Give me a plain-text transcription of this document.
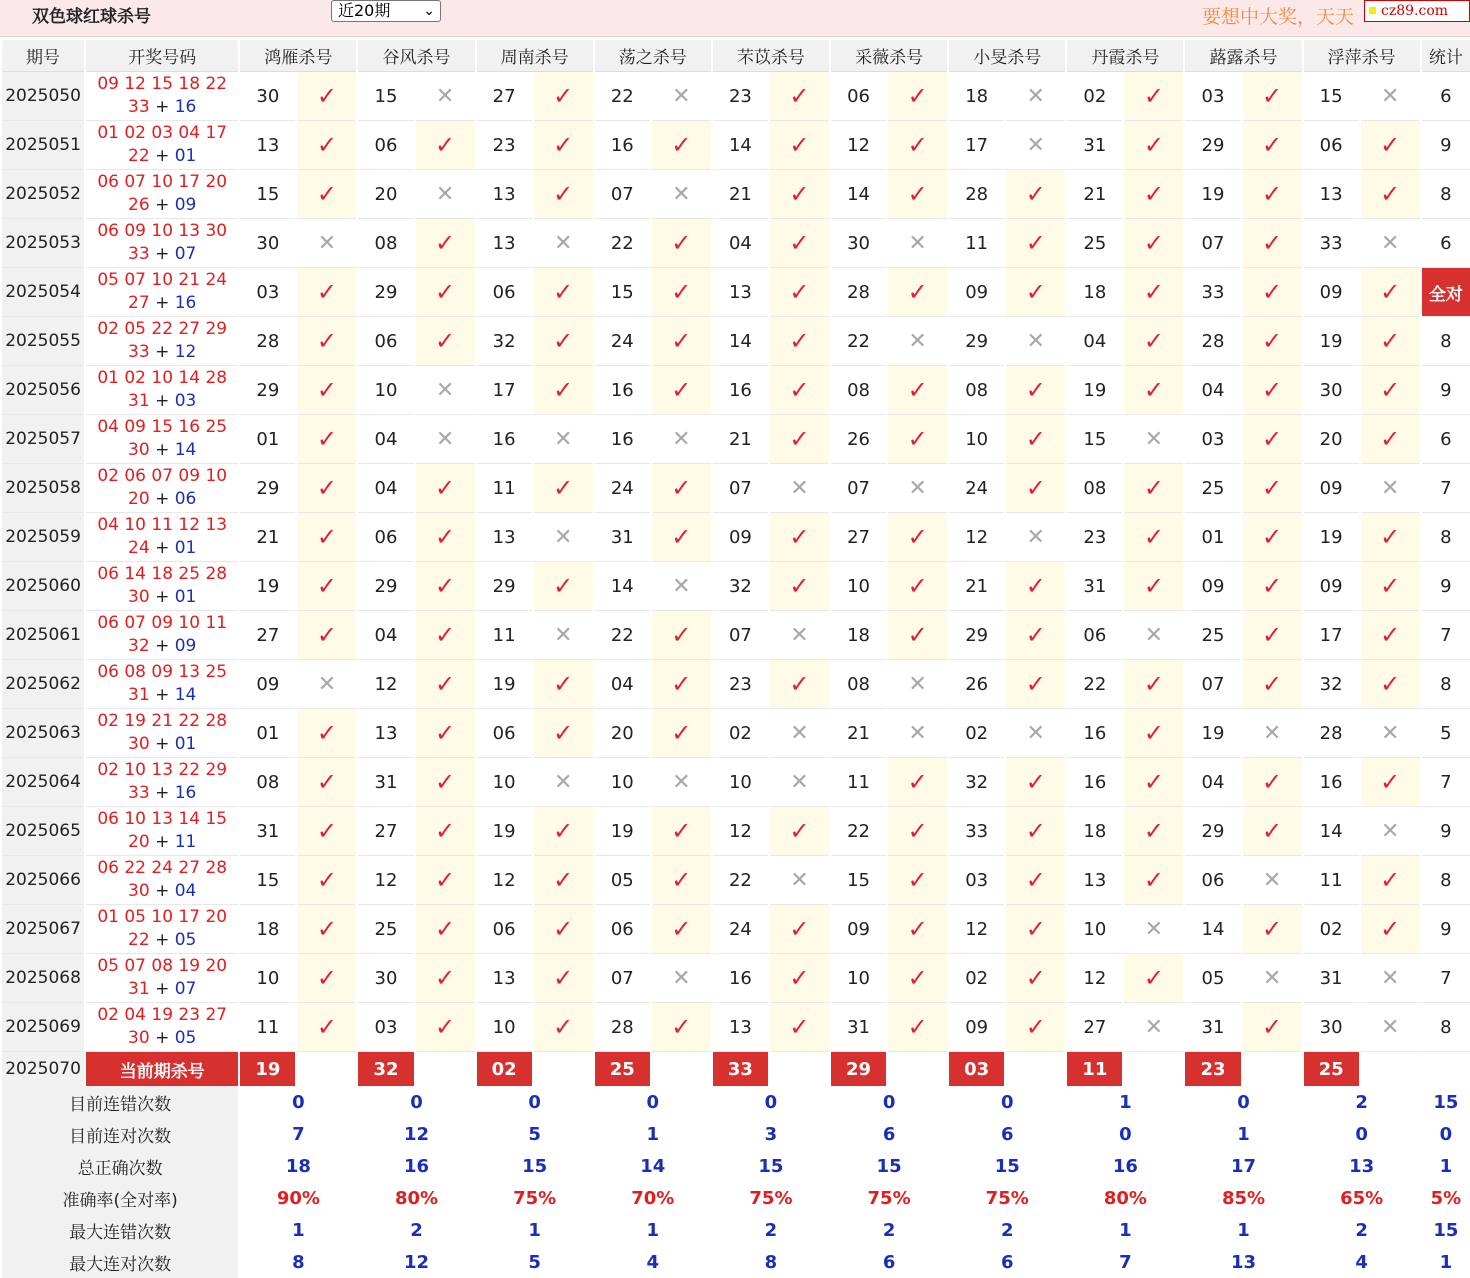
双色球红球杀号	近20期 ⌄	要想中大奖，天天	cz89.com
期号	开奖号码	鸿雁杀号		谷风杀号		周南杀号		荡之杀号		芣苡杀号		采薇杀号		小旻杀号		丹霞杀号		蕗露杀号		浮萍杀号		统计
2025050	09 12 15 18 22
33 + 16	30	✓	15	✕	27	✓	22	✕	23	✓	06	✓	18	✕	02	✓	03	✓	15	✕	6
2025051	01 02 03 04 17
22 + 01	13	✓	06	✓	23	✓	16	✓	14	✓	12	✓	17	✕	31	✓	29	✓	06	✓	9
2025052	06 07 10 17 20
26 + 09	15	✓	20	✕	13	✓	07	✕	21	✓	14	✓	28	✓	21	✓	19	✓	13	✓	8
2025053	06 09 10 13 30
33 + 07	30	✕	08	✓	13	✕	22	✓	04	✓	30	✕	11	✓	25	✓	07	✓	33	✕	6
2025054	05 07 10 21 24
27 + 16	03	✓	29	✓	06	✓	15	✓	13	✓	28	✓	09	✓	18	✓	33	✓	09	✓	全对
2025055	02 05 22 27 29
33 + 12	28	✓	06	✓	32	✓	24	✓	14	✓	22	✕	29	✕	04	✓	28	✓	19	✓	8
2025056	01 02 10 14 28
31 + 03	29	✓	10	✕	17	✓	16	✓	16	✓	08	✓	08	✓	19	✓	04	✓	30	✓	9
2025057	04 09 15 16 25
30 + 14	01	✓	04	✕	16	✕	16	✕	21	✓	26	✓	10	✓	15	✕	03	✓	20	✓	6
2025058	02 06 07 09 10
20 + 06	29	✓	04	✓	11	✓	24	✓	07	✕	07	✕	24	✓	08	✓	25	✓	09	✕	7
2025059	04 10 11 12 13
24 + 01	21	✓	06	✓	13	✕	31	✓	09	✓	27	✓	12	✕	23	✓	01	✓	19	✓	8
2025060	06 14 18 25 28
30 + 01	19	✓	29	✓	29	✓	14	✕	32	✓	10	✓	21	✓	31	✓	09	✓	09	✓	9
2025061	06 07 09 10 11
32 + 09	27	✓	04	✓	11	✕	22	✓	07	✕	18	✓	29	✓	06	✕	25	✓	17	✓	7
2025062	06 08 09 13 25
31 + 14	09	✕	12	✓	19	✓	04	✓	23	✓	08	✕	26	✓	22	✓	07	✓	32	✓	8
2025063	02 19 21 22 28
30 + 01	01	✓	13	✓	06	✓	20	✓	02	✕	21	✕	02	✕	16	✓	19	✕	28	✕	5
2025064	02 10 13 22 29
33 + 16	08	✓	31	✓	10	✕	10	✕	10	✕	11	✓	32	✓	16	✓	04	✓	16	✓	7
2025065	06 10 13 14 15
20 + 11	31	✓	27	✓	19	✓	19	✓	12	✓	22	✓	33	✓	18	✓	29	✓	14	✕	9
2025066	06 22 24 27 28
30 + 04	15	✓	12	✓	12	✓	05	✓	22	✕	15	✓	03	✓	13	✓	06	✕	11	✓	8
2025067	01 05 10 17 20
22 + 05	18	✓	25	✓	06	✓	06	✓	24	✓	09	✓	12	✓	10	✕	14	✓	02	✓	9
2025068	05 07 08 19 20
31 + 07	10	✓	30	✓	13	✓	07	✕	16	✓	10	✓	02	✓	12	✓	05	✕	31	✕	7
2025069	02 04 19 23 27
30 + 05	11	✓	03	✓	10	✓	28	✓	13	✓	31	✓	09	✓	27	✕	31	✓	30	✕	8
2025070	当前期杀号	19		32		02		25		33		29		03		11		23		25		
目前连错次数		0		0		0		0		0		0		0		1		0		2		15
目前连对次数		7		12		5		1		3		6		6		0		1		0		0
总正确次数		18		16		15		14		15		15		15		16		17		13		1
准确率(全对率)		90%		80%		75%		70%		75%		75%		75%		80%		85%		65%		5%
最大连错次数		1		2		1		1		2		2		2		1		1		2		15
最大连对次数		8		12		5		4		8		6		6		7		13		4		1
